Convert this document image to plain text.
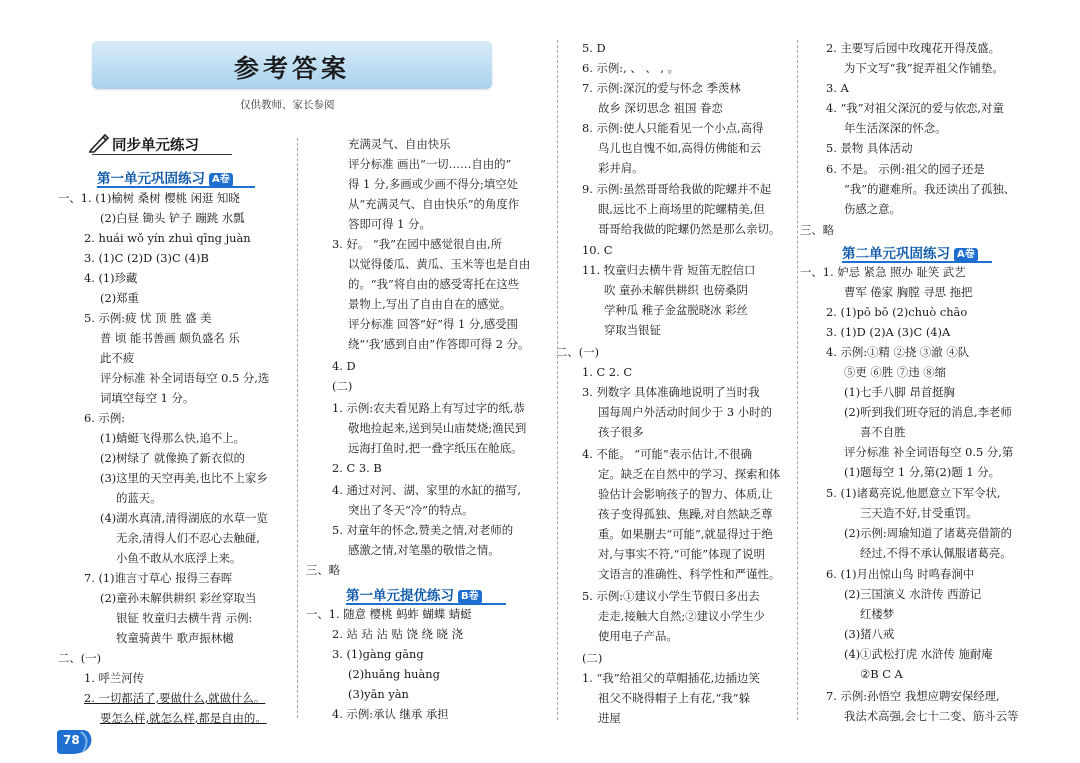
参考答案
仅供教师、家长参阅
同步单元练习
第一单元巩固练习 A卷
一、1. (1)榆树 桑树 樱桃 闲逛 知晓
(2)白昼 锄头 铲子 蹦跳 水瓢
2. huái wǒ yín zhuì qīng juàn
3. (1)C (2)D (3)C (4)B
4. (1)珍藏
(2)郑重
5. 示例:疲 忧 顶 胜 盛 美
普 顷 能书善画 颇负盛名 乐
此不疲
评分标准 补全词语每空 0.5 分,选
词填空每空 1 分。
6. 示例:
(1)蜻蜓飞得那么快,追不上。
(2)树绿了 就像换了新衣似的
(3)这里的天空再美,也比不上家乡
的蓝天。
(4)湖水真清,清得湖底的水草一览
无余,清得人们不忍心去触碰,
小鱼不敢从水底浮上来。
7. (1)谁言寸草心 报得三春晖
(2)童孙未解供耕织 彩丝穿取当
银钲 牧童归去横牛背 示例:
牧童骑黄牛 歌声振林樾
二、(一)
1. 呼兰河传
2. 一切都活了,要做什么,就做什么。
要怎么样,就怎么样,都是自由的。
充满灵气、自由快乐
评分标准 画出“一切……自由的”
得 1 分,多画或少画不得分;填空处
从“充满灵气、自由快乐”的角度作
答即可得 1 分。
3. 好。 “我”在园中感觉很自由,所
以觉得倭瓜、黄瓜、玉米等也是自由
的。“我”将自由的感受寄托在这些
景物上,写出了自由自在的感觉。
评分标准 回答“好”得 1 分,感受围
绕“‘我’感到自由”作答即可得 2 分。
4. D
(二)
1. 示例:农夫看见路上有写过字的纸,恭
敬地捡起来,送到吴山庙焚烧;渔民到
远海打鱼时,把一叠字纸压在舱底。
2. C 3. B
4. 通过对河、湖、家里的水缸的描写,
突出了冬天“冷”的特点。
5. 对童年的怀念,赞美之情,对老师的
感激之情,对笔墨的敬惜之情。
三、略
第一单元提优练习 B卷
一、1. 随意 樱桃 蚂蚱 蝴蝶 蜻蜓
2. 站 玷 沾 贴 饶 绕 晓 浇
3. (1)gàng gāng
(2)huǎng huàng
(3)yān yàn
4. 示例:承认 继承 承担
5. D
6. 示例:, 、 、 , 。
7. 示例:深沉的爱与怀念 季羡林
故乡 深切思念 祖国 眷恋
8. 示例:使人只能看见一个小点,高得
鸟儿也自愧不如,高得仿佛能和云
彩并肩。
9. 示例:虽然哥哥给我做的陀螺并不起
眼,远比不上商场里的陀螺精美,但
哥哥给我做的陀螺仍然是那么亲切。
10. C
11. 牧童归去横牛背 短笛无腔信口
吹 童孙未解供耕织 也傍桑阴
学种瓜 稚子金盆脱晓冰 彩丝
穿取当银钲
二、(一)
1. C 2. C
3. 列数字 具体准确地说明了当时我
国每周户外活动时间少于 3 小时的
孩子很多
4. 不能。 “可能”表示估计,不很确
定。缺乏在自然中的学习、探索和体
验估计会影响孩子的智力、体质,让
孩子变得孤独、焦躁,对自然缺乏尊
重。如果删去“可能”,就显得过于绝
对,与事实不符,“可能”体现了说明
文语言的准确性、科学性和严谨性。
5. 示例:①建议小学生节假日多出去
走走,接触大自然;②建议小学生少
使用电子产品。
(二)
1. “我”给祖父的草帽插花,边插边笑
祖父不晓得帽子上有花,“我”躲
进屋
2. 主要写后园中玫瑰花开得茂盛。
为下文写“我”捉弄祖父作铺垫。
3. A
4. “我”对祖父深沉的爱与依恋,对童
年生活深深的怀念。
5. 景物 具体活动
6. 不是。 示例:祖父的园子还是
“我”的避难所。我还读出了孤独、
伤感之意。
三、略
第二单元巩固练习 A卷
一、1. 妒忌 紧急 照办 耻笑 武艺
曹军 倦家 胸膛 寻思 拖把
2. (1)pō bō (2)chuò chāo
3. (1)D (2)A (3)C (4)A
4. 示例:①精 ②挠 ③澈 ④队
⑤更 ⑥胜 ⑦违 ⑧缩
(1)七手八脚 昂首挺胸
(2)听到我们班夺冠的消息,李老师
喜不自胜
评分标准 补全词语每空 0.5 分,第
(1)题每空 1 分,第(2)题 1 分。
5. (1)诸葛亮说,他愿意立下军令状,
三天造不好,甘受重罚。
(2)示例:周瑜知道了诸葛亮借箭的
经过,不得不承认佩服诸葛亮。
6. (1)月出惊山鸟 时鸣春涧中
(2)三国演义 水浒传 西游记
红楼梦
(3)猪八戒
(4)①武松打虎 水浒传 施耐庵
②B C A
7. 示例:孙悟空 我想应聘安保经理,
我法术高强,会七十二变、筋斗云等
78
